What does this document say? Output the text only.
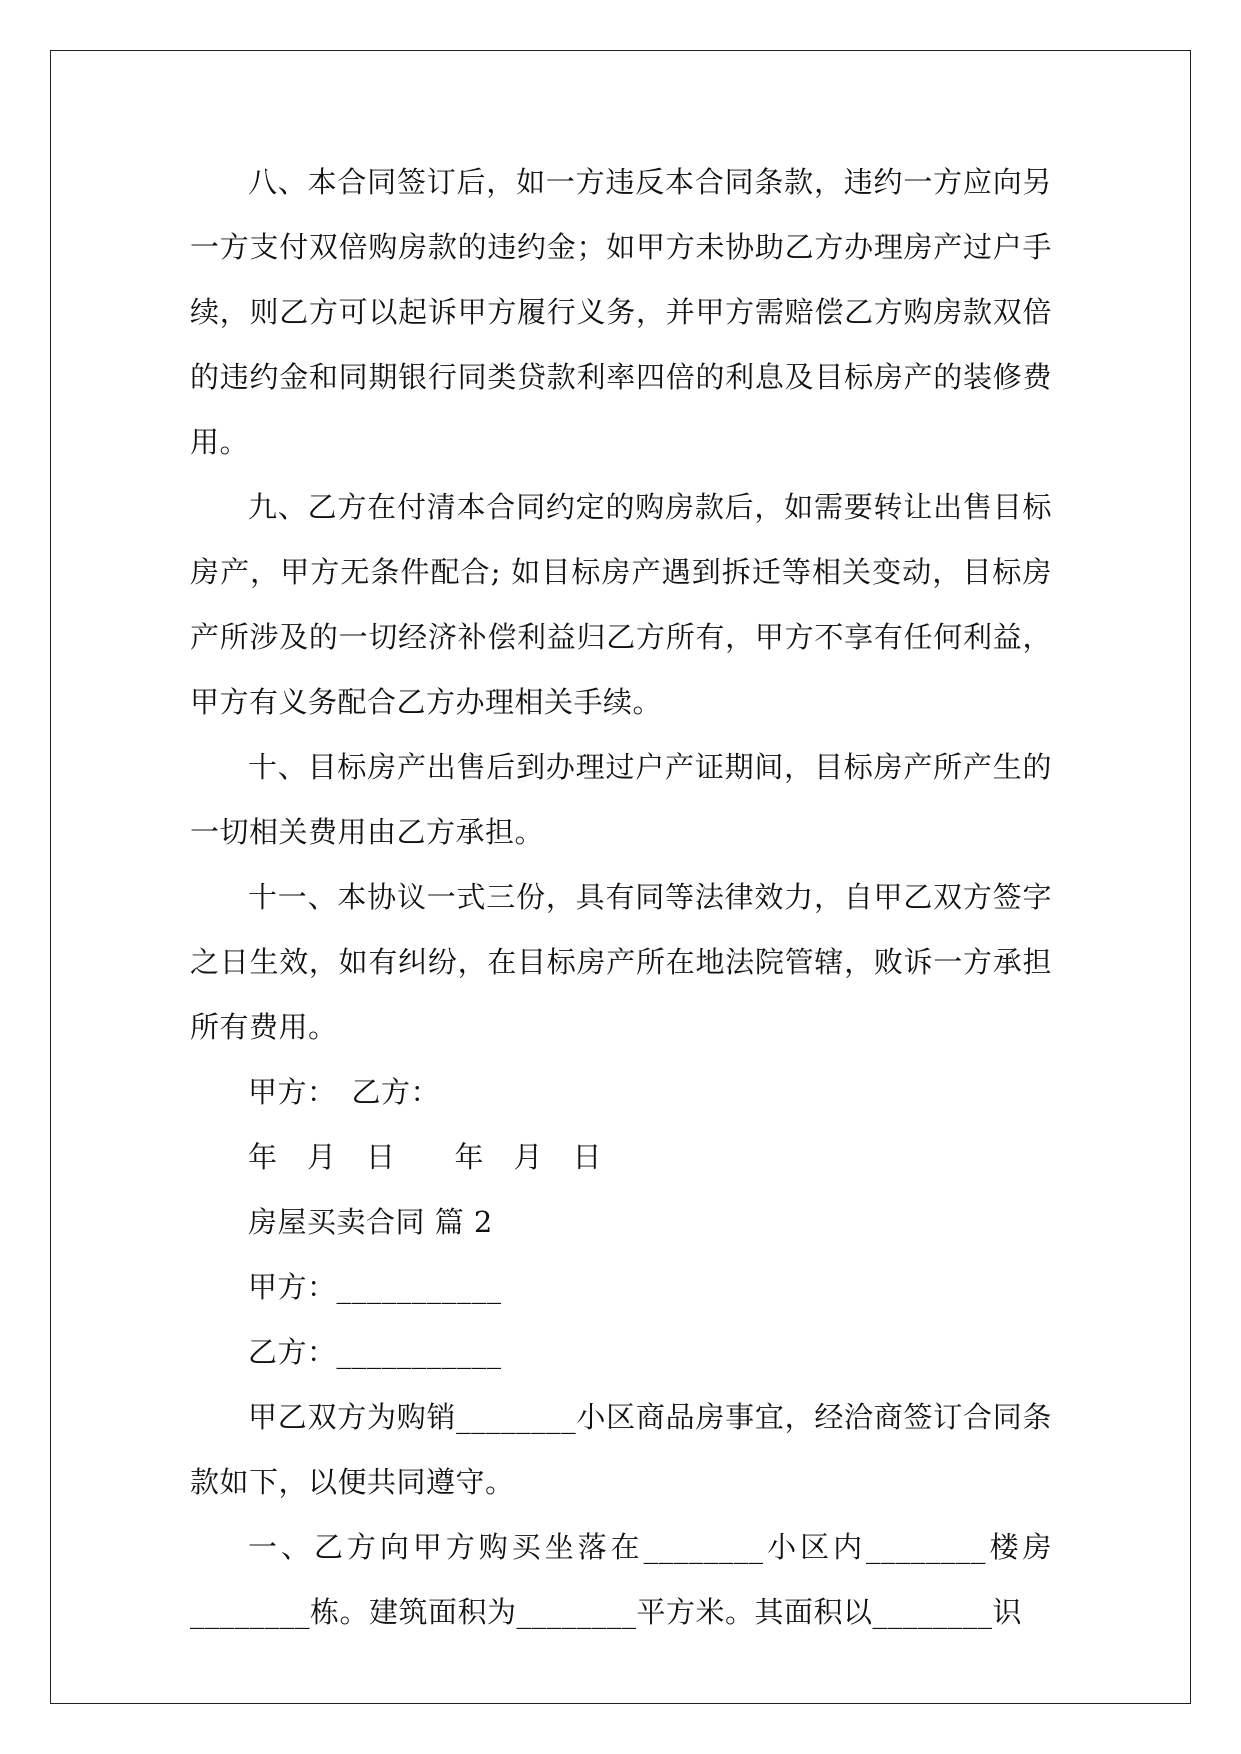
八、本合同签订后，如一方违反本合同条款，违约一方应向另一方支付双倍购房款的违约金；如甲方未协助乙方办理房产过户手续，则乙方可以起诉甲方履行义务，并甲方需赔偿乙方购房款双倍的违约金和同期银行同类贷款利率四倍的利息及目标房产的装修费用。

九、乙方在付清本合同约定的购房款后，如需要转让出售目标房产，甲方无条件配合; 如目标房产遇到拆迁等相关变动，目标房产所涉及的一切经济补偿利益归乙方所有，甲方不享有任何利益，甲方有义务配合乙方办理相关手续。

十、目标房产出售后到办理过户产证期间，目标房产所产生的一切相关费用由乙方承担。

十一、本协议一式三份，具有同等法律效力，自甲乙双方签字之日生效，如有纠纷，在目标房产所在地法院管辖，败诉一方承担所有费用。

甲方：　乙方：

年　月　日　　年　月　日

房屋买卖合同 篇 2

甲方：___________

乙方：___________

甲乙双方为购销________小区商品房事宜，经洽商签订合同条款如下，以便共同遵守。

一、乙方向甲方购买坐落在________小区内________楼房________栋。建筑面积为________平方米。其面积以________识
